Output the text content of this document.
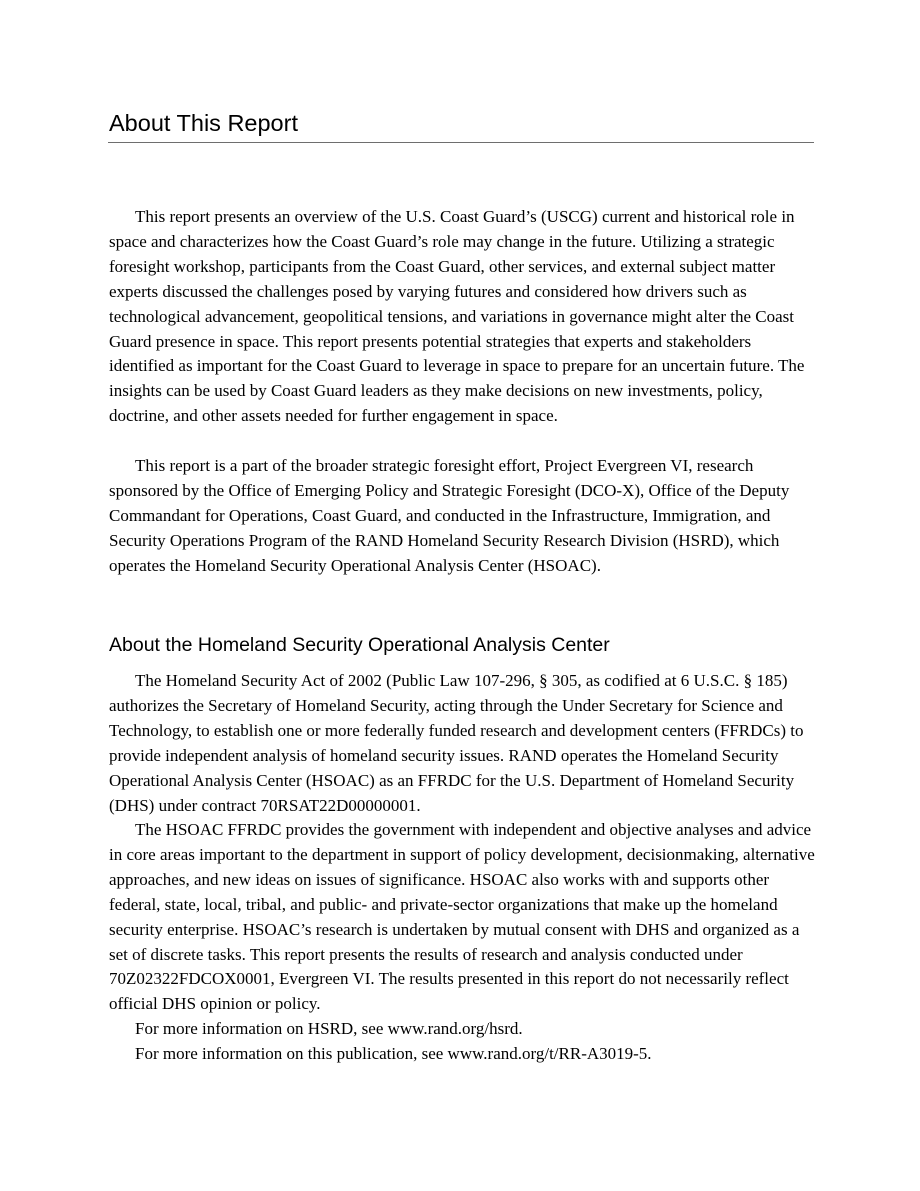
About This Report

This report presents an overview of the U.S. Coast Guard’s (USCG) current and historical role in space and characterizes how the Coast Guard’s role may change in the future. Utilizing a strategic foresight workshop, participants from the Coast Guard, other services, and external subject matter experts discussed the challenges posed by varying futures and considered how drivers such as technological advancement, geopolitical tensions, and variations in governance might alter the Coast Guard presence in space. This report presents potential strategies that experts and stakeholders identified as important for the Coast Guard to leverage in space to prepare for an uncertain future. The insights can be used by Coast Guard leaders as they make decisions on new investments, policy, doctrine, and other assets needed for further engagement in space.

This report is a part of the broader strategic foresight effort, Project Evergreen VI, research sponsored by the Office of Emerging Policy and Strategic Foresight (DCO-X), Office of the Deputy Commandant for Operations, Coast Guard, and conducted in the Infrastructure, Immigration, and Security Operations Program of the RAND Homeland Security Research Division (HSRD), which operates the Homeland Security Operational Analysis Center (HSOAC).

About the Homeland Security Operational Analysis Center

The Homeland Security Act of 2002 (Public Law 107-296, § 305, as codified at 6 U.S.C. § 185) authorizes the Secretary of Homeland Security, acting through the Under Secretary for Science and Technology, to establish one or more federally funded research and development centers (FFRDCs) to provide independent analysis of homeland security issues. RAND operates the Homeland Security Operational Analysis Center (HSOAC) as an FFRDC for the U.S. Department of Homeland Security (DHS) under contract 70RSAT22D00000001.

The HSOAC FFRDC provides the government with independent and objective analyses and advice in core areas important to the department in support of policy development, decisionmaking, alternative approaches, and new ideas on issues of significance. HSOAC also works with and supports other federal, state, local, tribal, and public- and private-sector organizations that make up the homeland security enterprise. HSOAC’s research is undertaken by mutual consent with DHS and organized as a set of discrete tasks. This report presents the results of research and analysis conducted under 70Z02322FDCOX0001, Evergreen VI. The results presented in this report do not necessarily reflect official DHS opinion or policy.

For more information on HSRD, see www.rand.org/hsrd.

For more information on this publication, see www.rand.org/t/RR-A3019-5.
